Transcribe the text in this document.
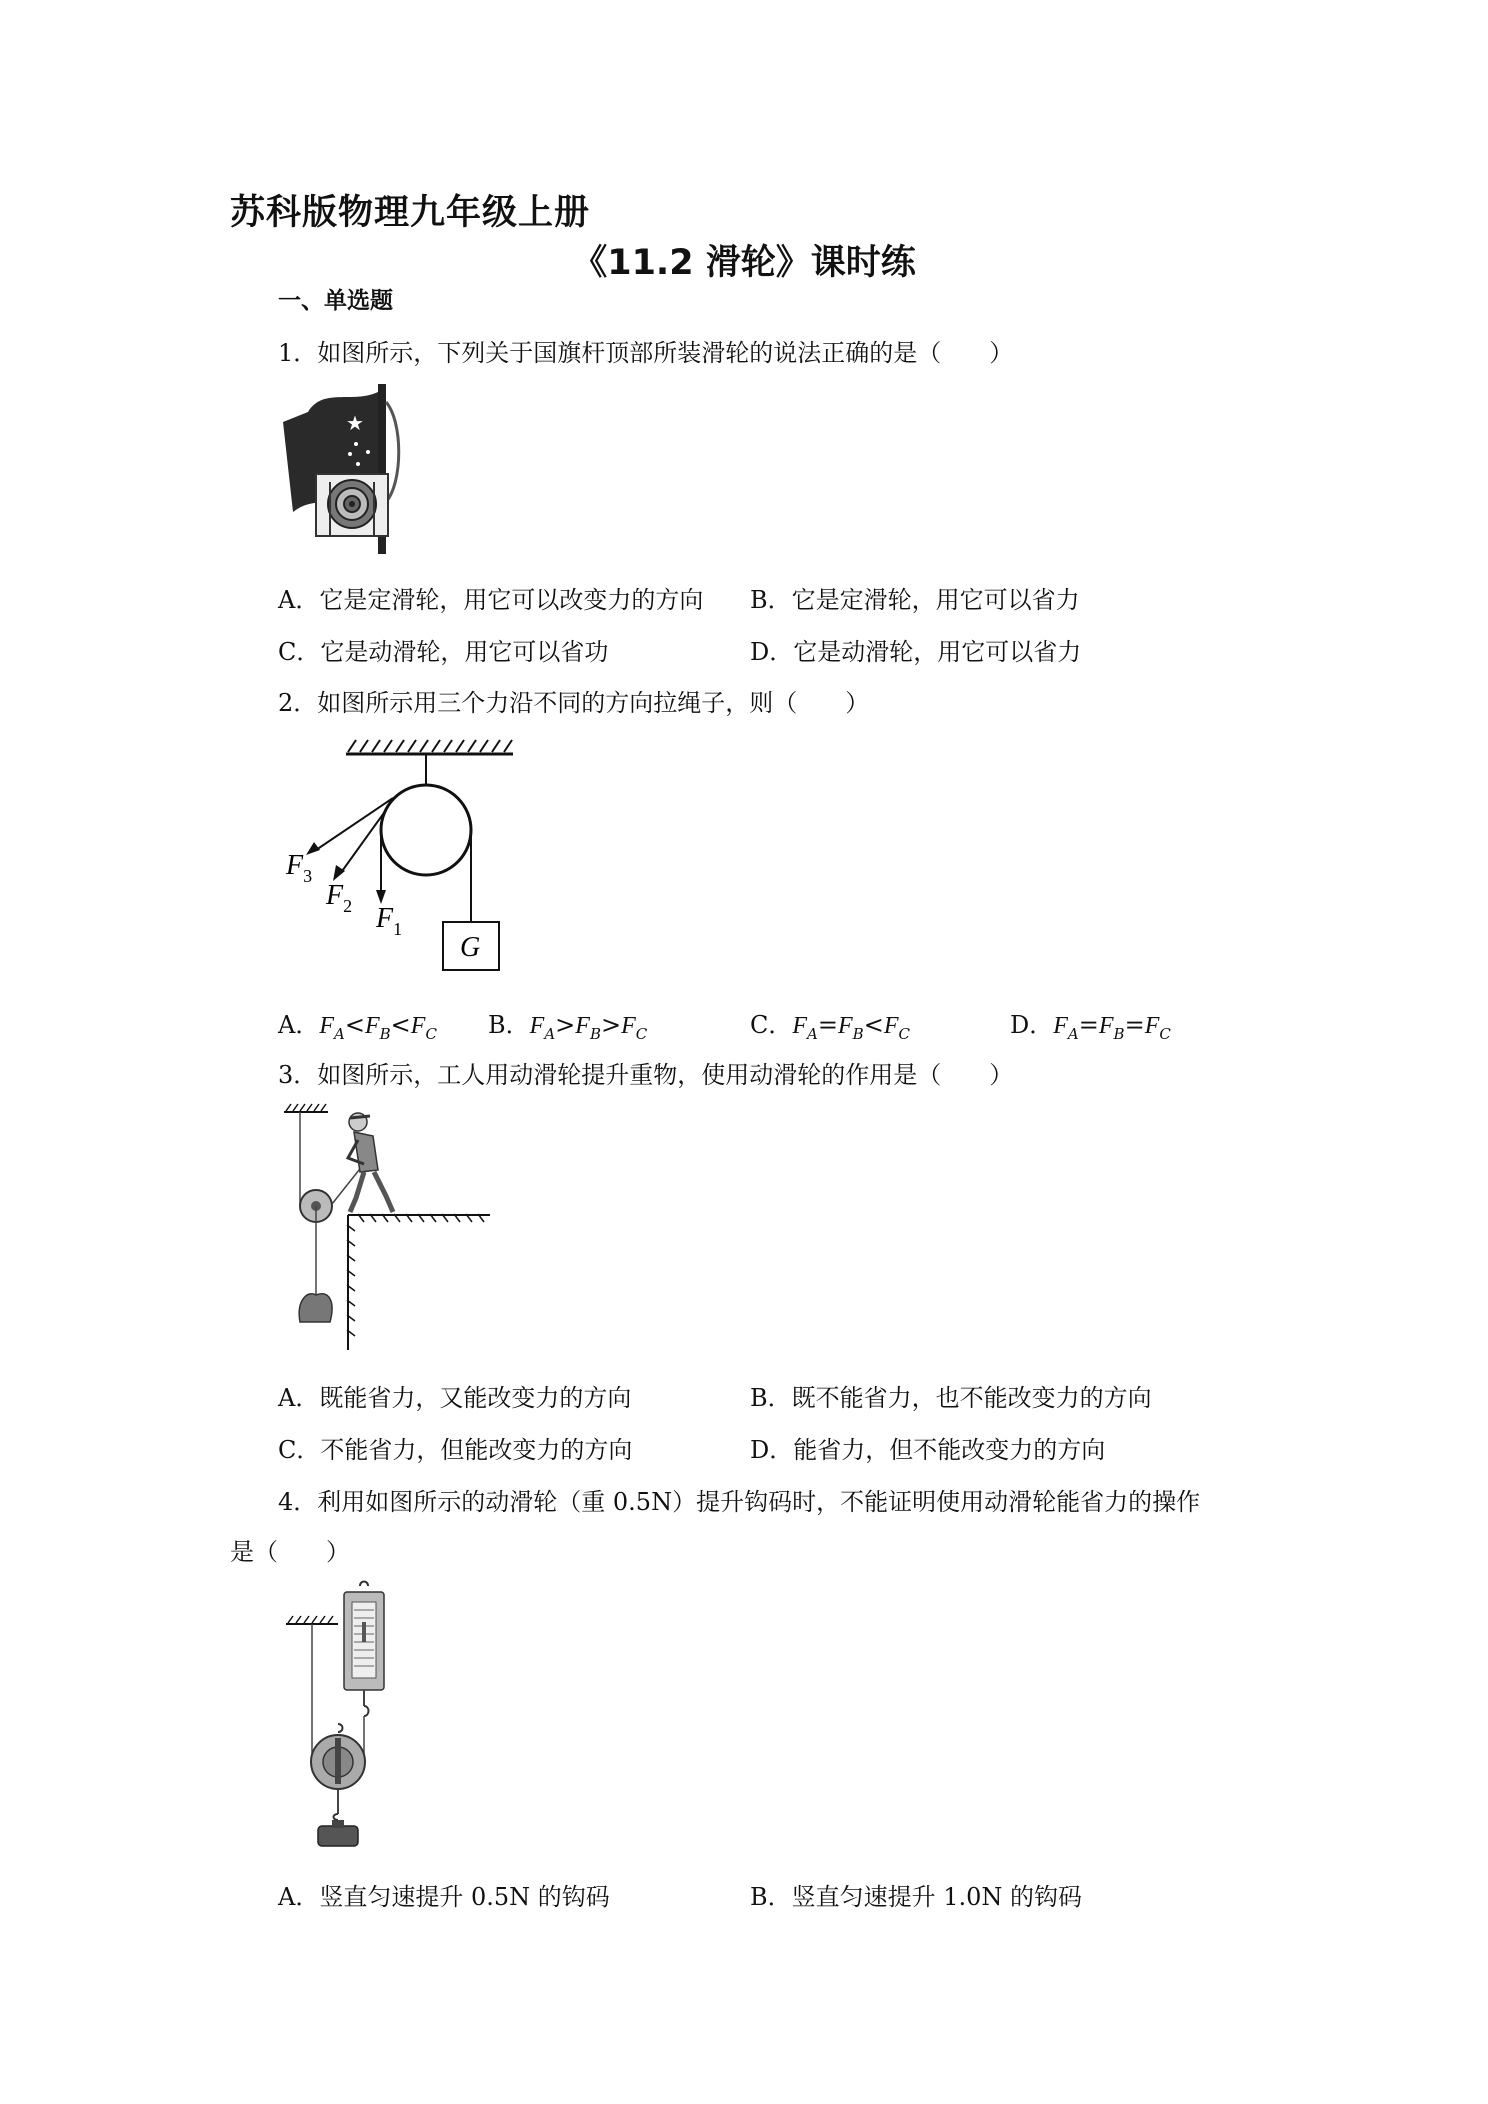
苏科版物理九年级上册
《11.2 滑轮》课时练
一、单选题
1．如图所示，下列关于国旗杆顶部所装滑轮的说法正确的是（　　）
★
A．它是定滑轮，用它可以改变力的方向 B．它是定滑轮，用它可以省力
C．它是动滑轮，用它可以省功	D．它是动滑轮，用它可以省力
2．如图所示用三个力沿不同的方向拉绳子，则（　　）
G
$F_3$
$F_2$ $F_1$
A．$F_A<F_B<F_C$ B．$F_A>F_B>F_C$	C．$F_A=F_B<F_C$	D．$F_A=F_B=F_C$
3．如图所示，工人用动滑轮提升重物，使用动滑轮的作用是（　　）
A．既能省力，又能改变力的方向	B．既不能省力，也不能改变力的方向
C．不能省力，但能改变力的方向	D．能省力，但不能改变力的方向
4．利用如图所示的动滑轮（重 0.5N）提升钩码时，不能证明使用动滑轮能省力的操作
是（　　）
A．竖直匀速提升 0.5N 的钩码	B．竖直匀速提升 1.0N 的钩码
